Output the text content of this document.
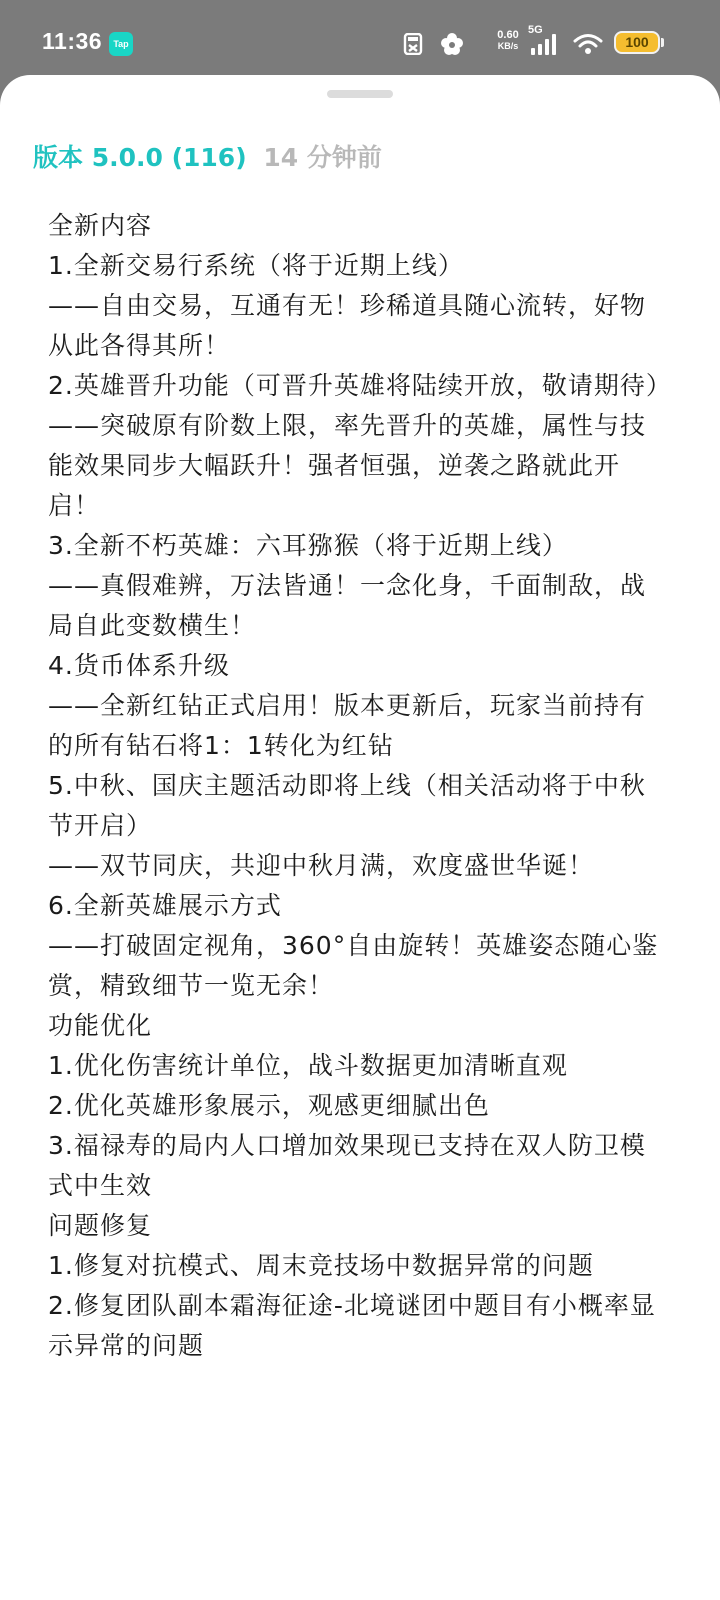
11:36	Tap
0.60
KB/s
5G
100
版本 5.0.0 (116) 14 分钟前
全新内容
1.全新交易行系统（将于近期上线）
——自由交易，互通有无！珍稀道具随心流转，好物从此各得其所！
2.英雄晋升功能（可晋升英雄将陆续开放，敬请期待）
——突破原有阶数上限，率先晋升的英雄，属性与技能效果同步大幅跃升！强者恒强，逆袭之路就此开启！
3.全新不朽英雄：六耳猕猴（将于近期上线）
——真假难辨，万法皆通！一念化身，千面制敌，战局自此变数横生！
4.货币体系升级
——全新红钻正式启用！版本更新后，玩家当前持有的所有钻石将1：1转化为红钻
5.中秋、国庆主题活动即将上线（相关活动将于中秋节开启）
——双节同庆，共迎中秋月满，欢度盛世华诞！
6.全新英雄展示方式
——打破固定视角，360°自由旋转！英雄姿态随心鉴赏，精致细节一览无余！
功能优化
1.优化伤害统计单位，战斗数据更加清晰直观
2.优化英雄形象展示，观感更细腻出色
3.福禄寿的局内人口增加效果现已支持在双人防卫模式中生效
问题修复
1.修复对抗模式、周末竞技场中数据异常的问题
2.修复团队副本霜海征途-北境谜团中题目有小概率显示异常的问题
